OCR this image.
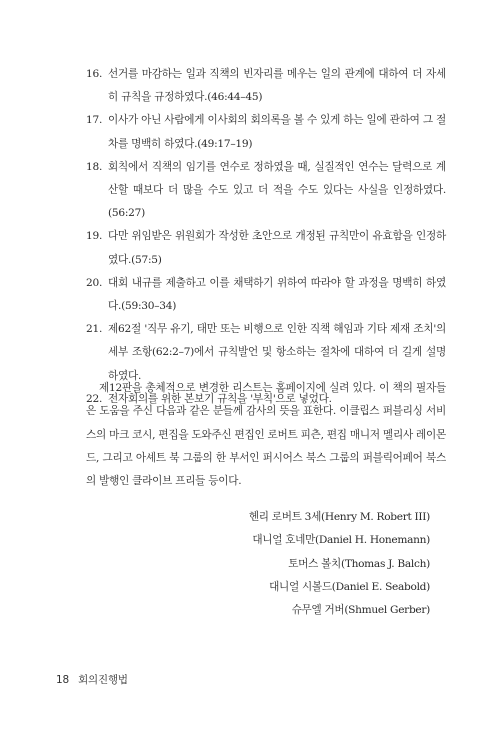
16. 선거를 마감하는 일과 직책의 빈자리를 메우는 일의 관계에 대하여 더 자세히 규칙을 규정하였다.(46:44–45)
17. 이사가 아닌 사람에게 이사회의 회의록을 볼 수 있게 하는 일에 관하여 그 절차를 명백히 하였다.(49:17–19)
18. 회칙에서 직책의 임기를 연수로 정하였을 때, 실질적인 연수는 달력으로 계산할 때보다 더 많을 수도 있고 더 적을 수도 있다는 사실을 인정하였다.(56:27)
19. 다만 위임받은 위원회가 작성한 초안으로 개정된 규칙만이 유효함을 인정하였다.(57:5)
20. 대회 내규를 제출하고 이를 채택하기 위하여 따라야 할 과정을 명백히 하였다.(59:30–34)
21. 제62절 '직무 유기, 태만 또는 비행으로 인한 직책 해임과 기타 제재 조치'의 세부 조항(62:2–7)에서 규칙발언 및 항소하는 절차에 대하여 더 길게 설명하였다.
22. 전자회의를 위한 본보기 규칙을 '부칙'으로 넣었다.

제12판을 총체적으로 변경한 리스트는 홈페이지에 실려 있다. 이 책의 필자들은 도움을 주신 다음과 같은 분들께 감사의 뜻을 표한다. 이클립스 퍼블리싱 서비스의 마크 코시, 편집을 도와주신 편집인 로버트 피츤, 편집 매니저 멜리사 레이몬드, 그리고 아셰트 북 그룹의 한 부서인 퍼시어스 북스 그룹의 퍼블릭어페어 북스의 발행인 클라이브 프리들 등이다.

헨리 로버트 3세(Henry M. Robert III)
대니얼 호네만(Daniel H. Honemann)
토머스 볼치(Thomas J. Balch)
대니얼 시볼드(Daniel E. Seabold)
슈무엘 거버(Shmuel Gerber)
18 회의진행법
